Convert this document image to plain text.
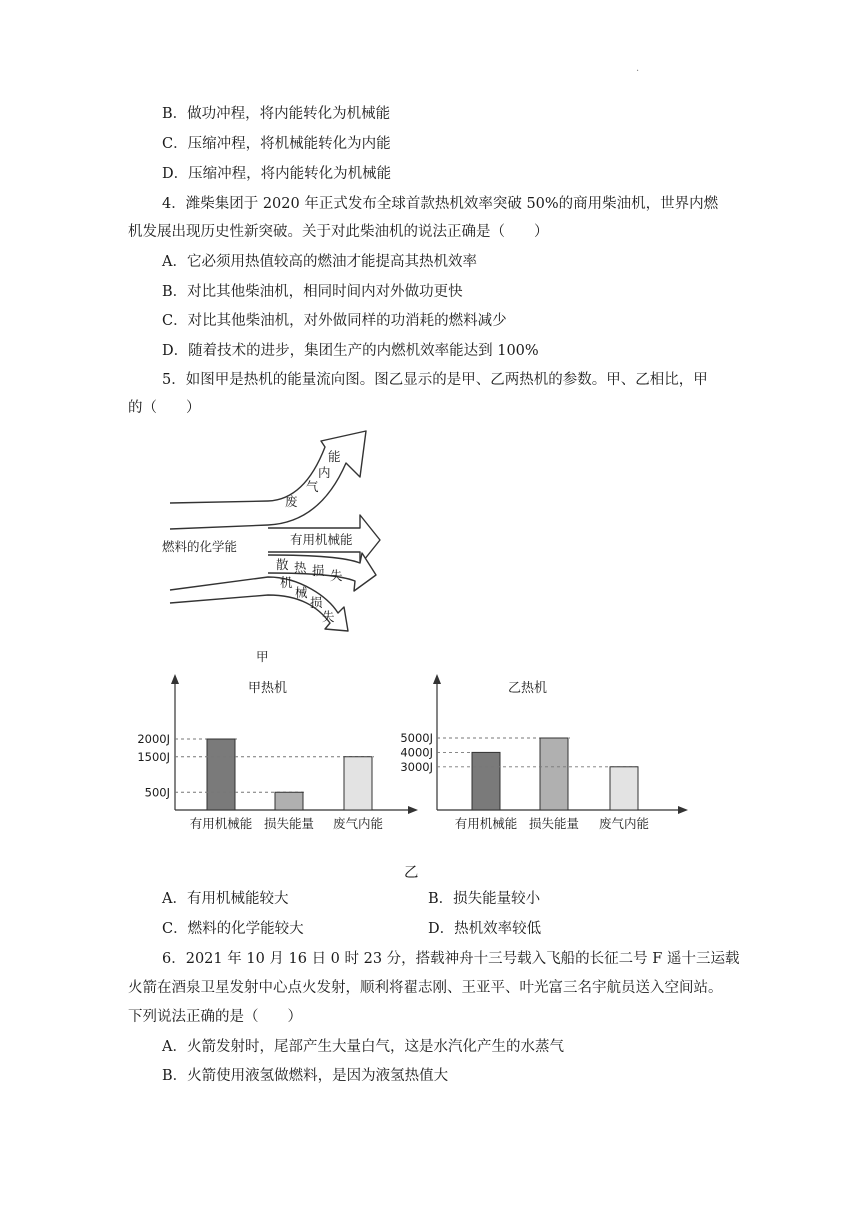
·
B．做功冲程，将内能转化为机械能
C．压缩冲程，将机械能转化为内能
D．压缩冲程，将内能转化为机械能
4．潍柴集团于 2020 年正式发布全球首款热机效率突破 50%的商用柴油机，世界内燃
机发展出现历史性新突破。关于对此柴油机的说法正确是（　　）
A．它必须用热值较高的燃油才能提高其热机效率
B．对比其他柴油机，相同时间内对外做功更快
C．对比其他柴油机，对外做同样的功消耗的燃料减少
D．随着技术的进步，集团生产的内燃机效率能达到 100%
5．如图甲是热机的能量流向图。图乙显示的是甲、乙两热机的参数。甲、乙相比，甲
的（　　）
燃料的化学能
废
气
内
能
有用机械能
散 热 损 失
机
械
损
失
甲
甲热机
有用机械能 损失能量 废气内能
2000J
1500J
500J
乙热机
有用机械能 损失能量 废气内能
5000J
4000J
3000J
乙
A．有用机械能较大	B．损失能量较小
C．燃料的化学能较大	D．热机效率较低
6．2021 年 10 月 16 日 0 时 23 分，搭载神舟十三号载入飞船的长征二号 F 遥十三运载
火箭在酒泉卫星发射中心点火发射，顺利将翟志刚、王亚平、叶光富三名宇航员送入空间站。
下列说法正确的是（　　）
A．火箭发射时，尾部产生大量白气，这是水汽化产生的水蒸气
B．火箭使用液氢做燃料，是因为液氢热值大
